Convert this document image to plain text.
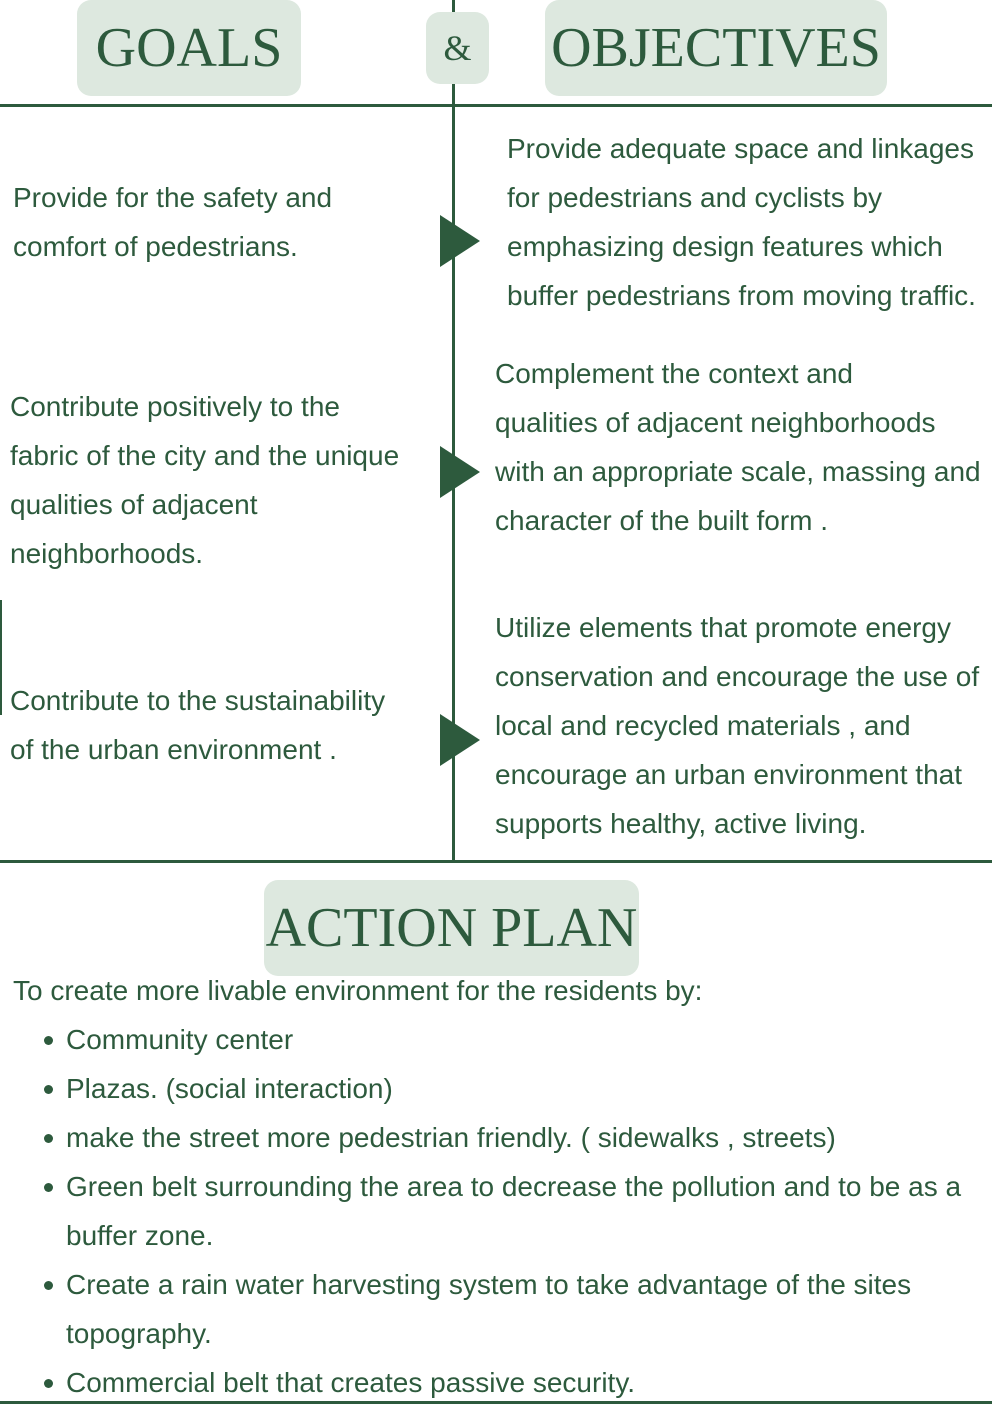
GOALS	&	OBJECTIVES
Provide for the safety and
comfort of pedestrians.
Provide adequate space and linkages
for pedestrians and cyclists by
emphasizing design features which
buffer pedestrians from moving traffic.
Contribute positively to the
fabric of the city and the unique
qualities of adjacent
neighborhoods.
Complement the context and
qualities of adjacent neighborhoods
with an appropriate scale, massing and
character of the built form .
Contribute to the sustainability
of the urban environment .
Utilize elements that promote energy
conservation and encourage the use of
local and recycled materials , and
encourage an urban environment that
supports healthy, active living.
ACTION PLAN
To create more livable environment for the residents by:
Community center
Plazas. (social interaction)
make the street more pedestrian friendly. ( sidewalks , streets)
Green belt surrounding the area to decrease the pollution and to be as a buffer zone.
Create a rain water harvesting system to take advantage of the sites topography.
Commercial belt that creates passive security.
